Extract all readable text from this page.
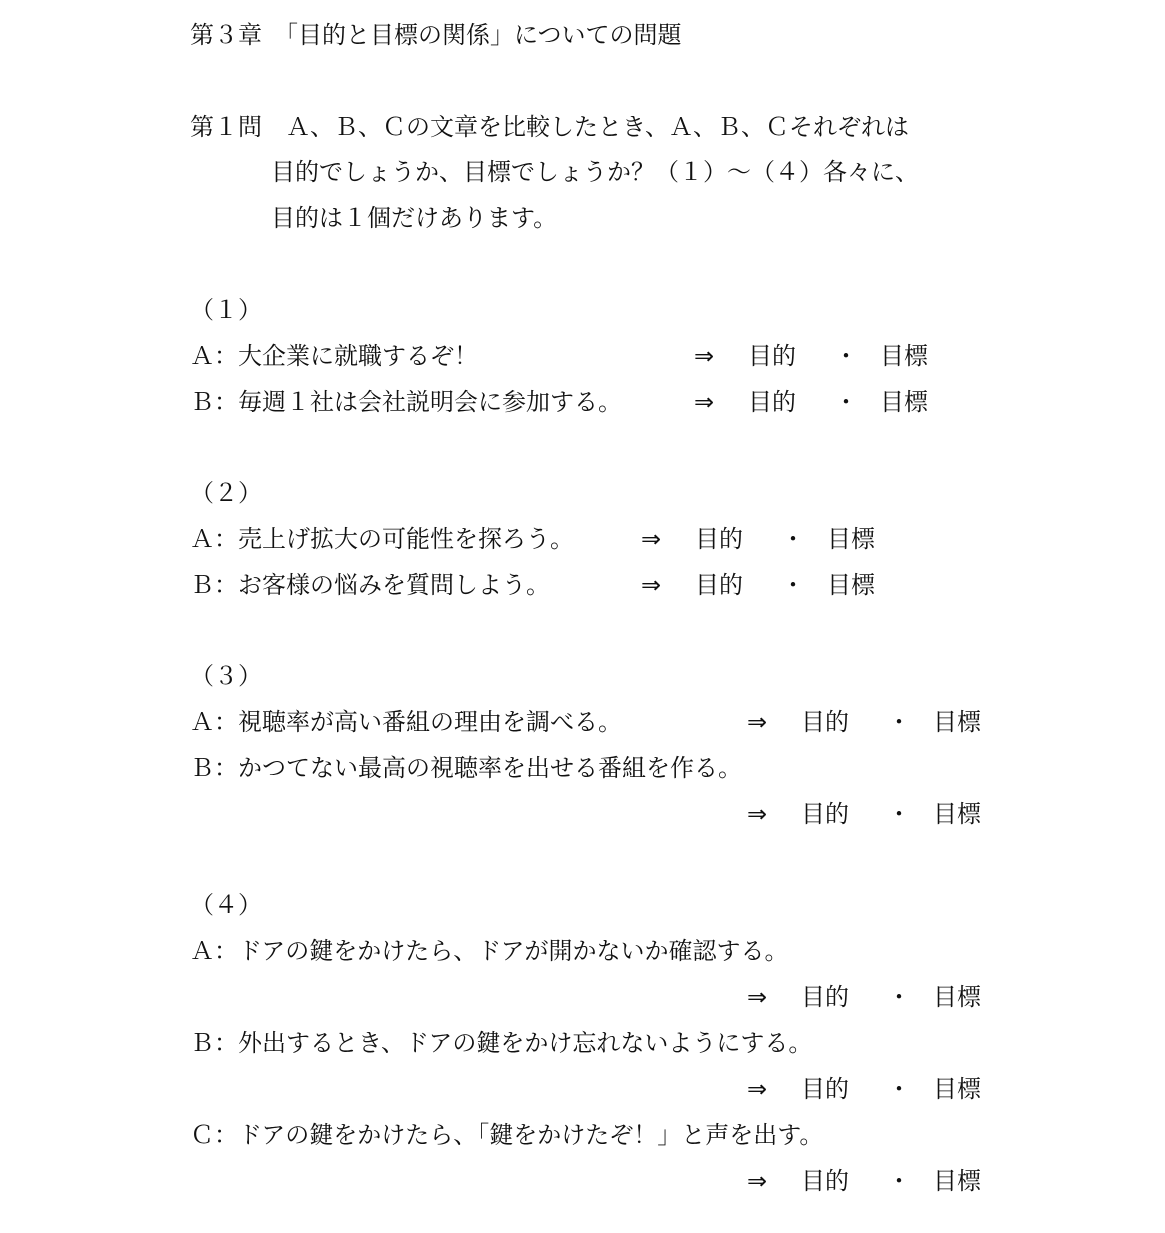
第３章　「目的と目標の関係」についての問題
第１問　Ａ、Ｂ、Ｃの文章を比較したとき、Ａ、Ｂ、Ｃそれぞれは
目的でしょうか、目標でしょうか？（１）～（４）各々に、
目的は１個だけあります。
（１）
Ａ：大企業に就職するぞ！	⇒ 目的 ・ 目標
Ｂ：毎週１社は会社説明会に参加する。	⇒ 目的 ・ 目標
（２）
Ａ：売上げ拡大の可能性を探ろう。	⇒ 目的 ・ 目標
Ｂ：お客様の悩みを質問しよう。	⇒ 目的 ・ 目標
（３）
Ａ：視聴率が高い番組の理由を調べる。	⇒ 目的 ・ 目標
Ｂ：かつてない最高の視聴率を出せる番組を作る。
⇒ 目的 ・ 目標
（４）
Ａ：ドアの鍵をかけたら、ドアが開かないか確認する。
⇒ 目的 ・ 目標
Ｂ：外出するとき、ドアの鍵をかけ忘れないようにする。
⇒ 目的 ・ 目標
Ｃ：ドアの鍵をかけたら、「鍵をかけたぞ！」と声を出す。
⇒ 目的 ・ 目標
